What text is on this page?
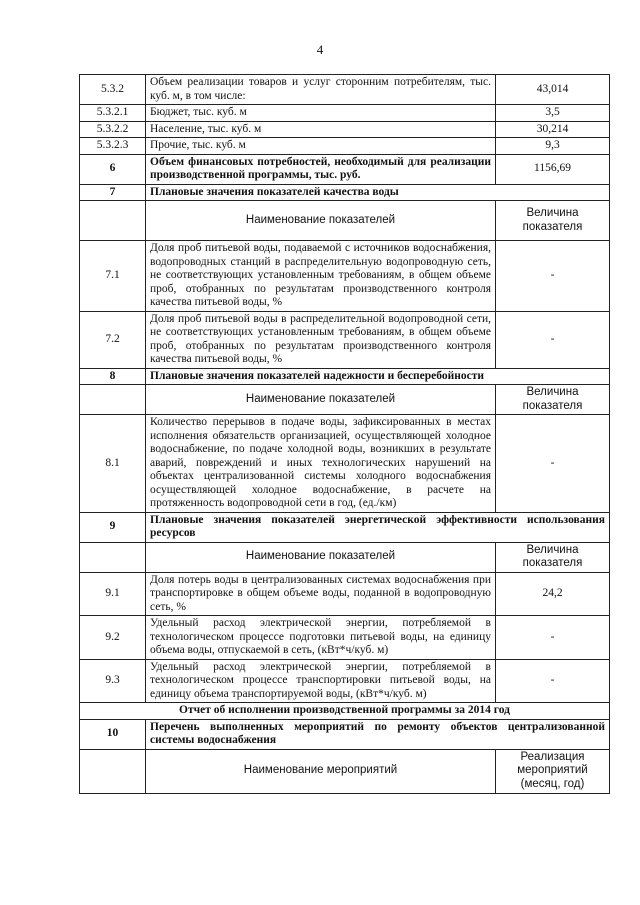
4
5.3.2	Объем реализации товаров и услуг сторонним потребителям, тыс. куб. м, в том числе:	43,014
5.3.2.1	Бюджет, тыс. куб. м	3,5
5.3.2.2	Население, тыс. куб. м	30,214
5.3.2.3	Прочие, тыс. куб. м	9,3
6	Объем финансовых потребностей, необходимый для реализации производственной программы, тыс. руб.	1156,69
7	Плановые значения показателей качества воды	
	Наименование показателей	Величина показателя
7.1	Доля проб питьевой воды, подаваемой с источников водоснабжения, водопроводных станций в распределительную водопроводную сеть, не соответствующих установленным требованиям, в общем объеме проб, отобранных по результатам производственного контроля качества питьевой воды, %	-
7.2	Доля проб питьевой воды в распределительной водопроводной сети, не соответствующих установленным требованиям, в общем объеме проб, отобранных по результатам производственного контроля качества питьевой воды, %	-
8	Плановые значения показателей надежности и бесперебойности	
	Наименование показателей	Величина показателя
8.1	Количество перерывов в подаче воды, зафиксированных в местах исполнения обязательств организацией, осуществляющей холодное водоснабжение, по подаче холодной воды, возникших в результате аварий, повреждений и иных технологических нарушений на объектах централизованной системы холодного водоснабжения осуществляющей холодное водоснабжение, в расчете на протяженность водопроводной сети в год, (ед./км)	-
9	Плановые значения показателей энергетической эффективности использования ресурсов	
	Наименование показателей	Величина показателя
9.1	Доля потерь воды в централизованных системах водоснабжения при транспортировке в общем объеме воды, поданной в водопроводную сеть, %	24,2
9.2	Удельный расход электрической энергии, потребляемой в технологическом процессе подготовки питьевой воды, на единицу объема воды, отпускаемой в сеть, (кВт*ч/куб. м)	-
9.3	Удельный расход электрической энергии, потребляемой в технологическом процессе транспортировки питьевой воды, на единицу объема транспортируемой воды, (кВт*ч/куб. м)	-
Отчет об исполнении производственной программы за 2014 год		
10	Перечень выполненных мероприятий по ремонту объектов централизованной системы водоснабжения	
	Наименование мероприятий	Реализация мероприятий (месяц, год)
